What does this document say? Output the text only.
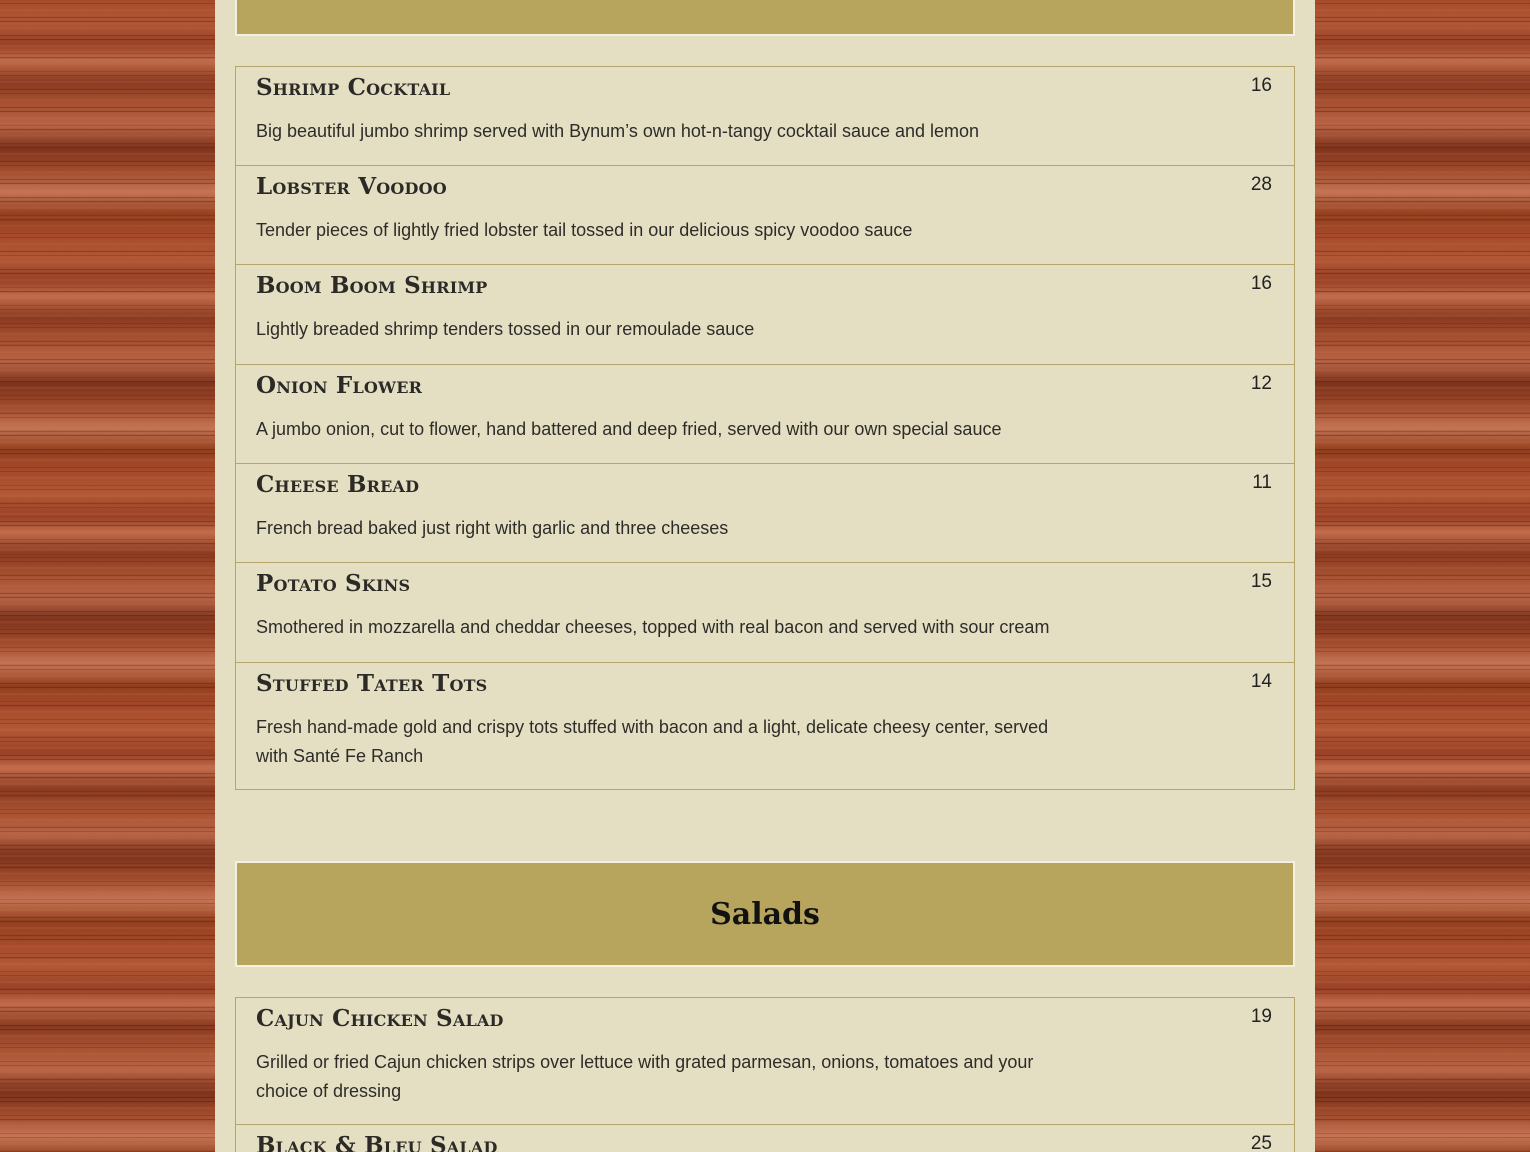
Shrimp Cocktail	16
Big beautiful jumbo shrimp served with Bynum’s own hot-n-tangy cocktail sauce and lemon
Lobster Voodoo	28
Tender pieces of lightly fried lobster tail tossed in our delicious spicy voodoo sauce
Boom Boom Shrimp	16
Lightly breaded shrimp tenders tossed in our remoulade sauce
Onion Flower	12
A jumbo onion, cut to flower, hand battered and deep fried, served with our own special sauce
Cheese Bread	11
French bread baked just right with garlic and three cheeses
Potato Skins	15
Smothered in mozzarella and cheddar cheeses, topped with real bacon and served with sour cream
Stuffed Tater Tots	14
Fresh hand-made gold and crispy tots stuffed with bacon and a light, delicate cheesy center, served with Santé Fe Ranch
Salads
Cajun Chicken Salad	19
Grilled or fried Cajun chicken strips over lettuce with grated parmesan, onions, tomatoes and your choice of dressing
Black & Bleu Salad	25
